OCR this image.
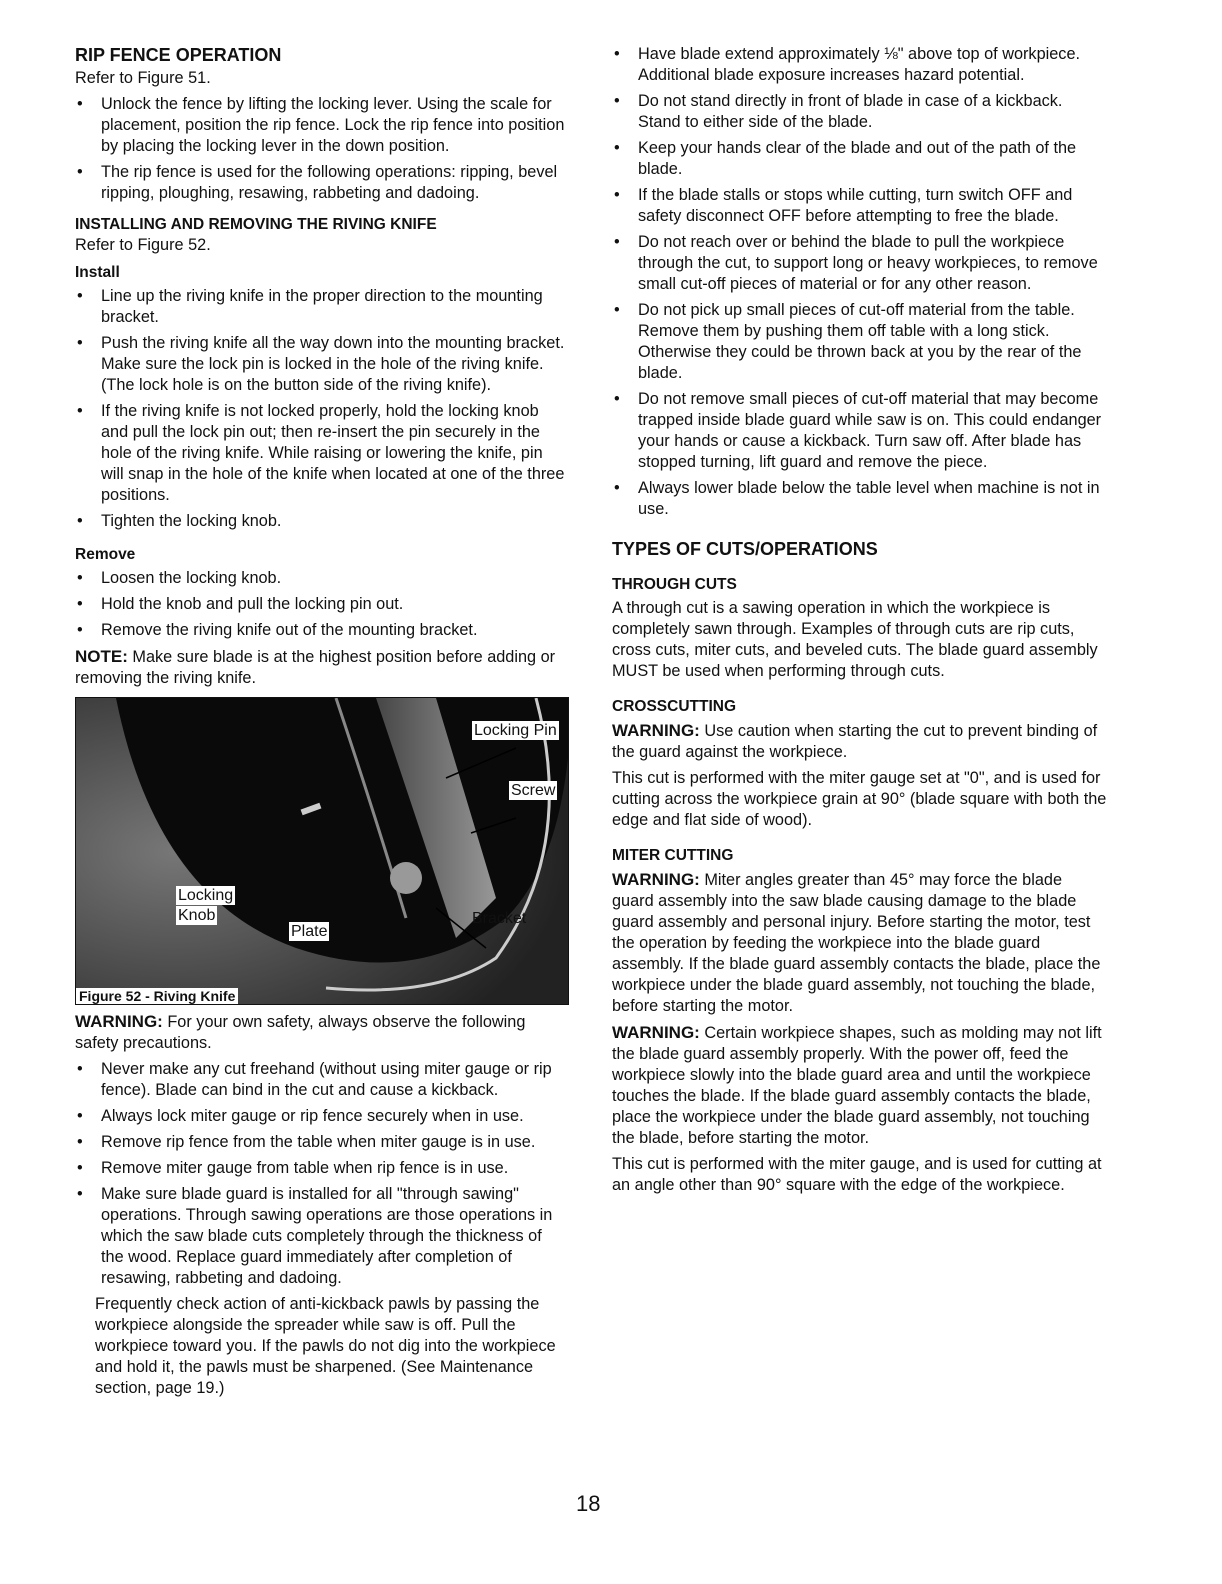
RIP FENCE OPERATION

Refer to Figure 51.

• Unlock the fence by lifting the locking lever. Using the scale for placement, position the rip fence. Lock the rip fence into position by placing the locking lever in the down position.
• The rip fence is used for the following operations: ripping, bevel ripping, ploughing, resawing, rabbeting and dadoing.
INSTALLING AND REMOVING THE RIVING KNIFE

Refer to Figure 52.

Install
• Line up the riving knife in the proper direction to the mounting bracket.
• Push the riving knife all the way down into the mounting bracket. Make sure the lock pin is locked in the hole of the riving knife. (The lock hole is on the button side of the riving knife).
• If the riving knife is not locked properly, hold the locking knob and pull the lock pin out; then re-insert the pin securely in the hole of the riving knife. While raising or lowering the knife, pin will snap in the hole of the knife when located at one of the three positions.
• Tighten the locking knob.
Remove
• Loosen the locking knob.
• Hold the knob and pull the locking pin out.
• Remove the riving knife out of the mounting bracket.

NOTE: Make sure blade is at the highest position before adding or removing the riving knife.

Locking Pin
Screw
Locking
Knob
Plate
Bracket
Figure 52 - Riving Knife

WARNING: For your own safety, always observe the following safety precautions.

• Never make any cut freehand (without using miter gauge or rip fence). Blade can bind in the cut and cause a kickback.
• Always lock miter gauge or rip fence securely when in use.
• Remove rip fence from the table when miter gauge is in use.
• Remove miter gauge from table when rip fence is in use.
• Make sure blade guard is installed for all "through sawing" operations. Through sawing operations are those operations in which the saw blade cuts completely through the thickness of the wood. Replace guard immediately after completion of resawing, rabbeting and dadoing.

Frequently check action of anti-kickback pawls by passing the workpiece alongside the spreader while saw is off. Pull the workpiece toward you. If the pawls do not dig into the workpiece and hold it, the pawls must be sharpened. (See Maintenance section, page 19.)

• Have blade extend approximately ⅛" above top of workpiece. Additional blade exposure increases hazard potential.
• Do not stand directly in front of blade in case of a kickback. Stand to either side of the blade.
• Keep your hands clear of the blade and out of the path of the blade.
• If the blade stalls or stops while cutting, turn switch OFF and safety disconnect OFF before attempting to free the blade.
• Do not reach over or behind the blade to pull the workpiece through the cut, to support long or heavy workpieces, to remove small cut-off pieces of material or for any other reason.
• Do not pick up small pieces of cut-off material from the table. Remove them by pushing them off table with a long stick. Otherwise they could be thrown back at you by the rear of the blade.
• Do not remove small pieces of cut-off material that may become trapped inside blade guard while saw is on. This could endanger your hands or cause a kickback. Turn saw off. After blade has stopped turning, lift guard and remove the piece.
• Always lower blade below the table level when machine is not in use.
TYPES OF CUTS/OPERATIONS
THROUGH CUTS

A through cut is a sawing operation in which the workpiece is completely sawn through. Examples of through cuts are rip cuts, cross cuts, miter cuts, and beveled cuts. The blade guard assembly MUST be used when performing through cuts.

CROSSCUTTING

WARNING: Use caution when starting the cut to prevent binding of the guard against the workpiece.

This cut is performed with the miter gauge set at "0", and is used for cutting across the workpiece grain at 90° (blade square with both the edge and flat side of wood).

MITER CUTTING

WARNING: Miter angles greater than 45° may force the blade guard assembly into the saw blade causing damage to the blade guard assembly and personal injury. Before starting the motor, test the operation by feeding the workpiece into the blade guard assembly. If the blade guard assembly contacts the blade, place the workpiece under the blade guard assembly, not touching the blade, before starting the motor.

WARNING: Certain workpiece shapes, such as molding may not lift the blade guard assembly properly. With the power off, feed the workpiece slowly into the blade guard area and until the workpiece touches the blade. If the blade guard assembly contacts the blade, place the workpiece under the blade guard assembly, not touching the blade, before starting the motor.

This cut is performed with the miter gauge, and is used for cutting at an angle other than 90° square with the edge of the workpiece.

18
